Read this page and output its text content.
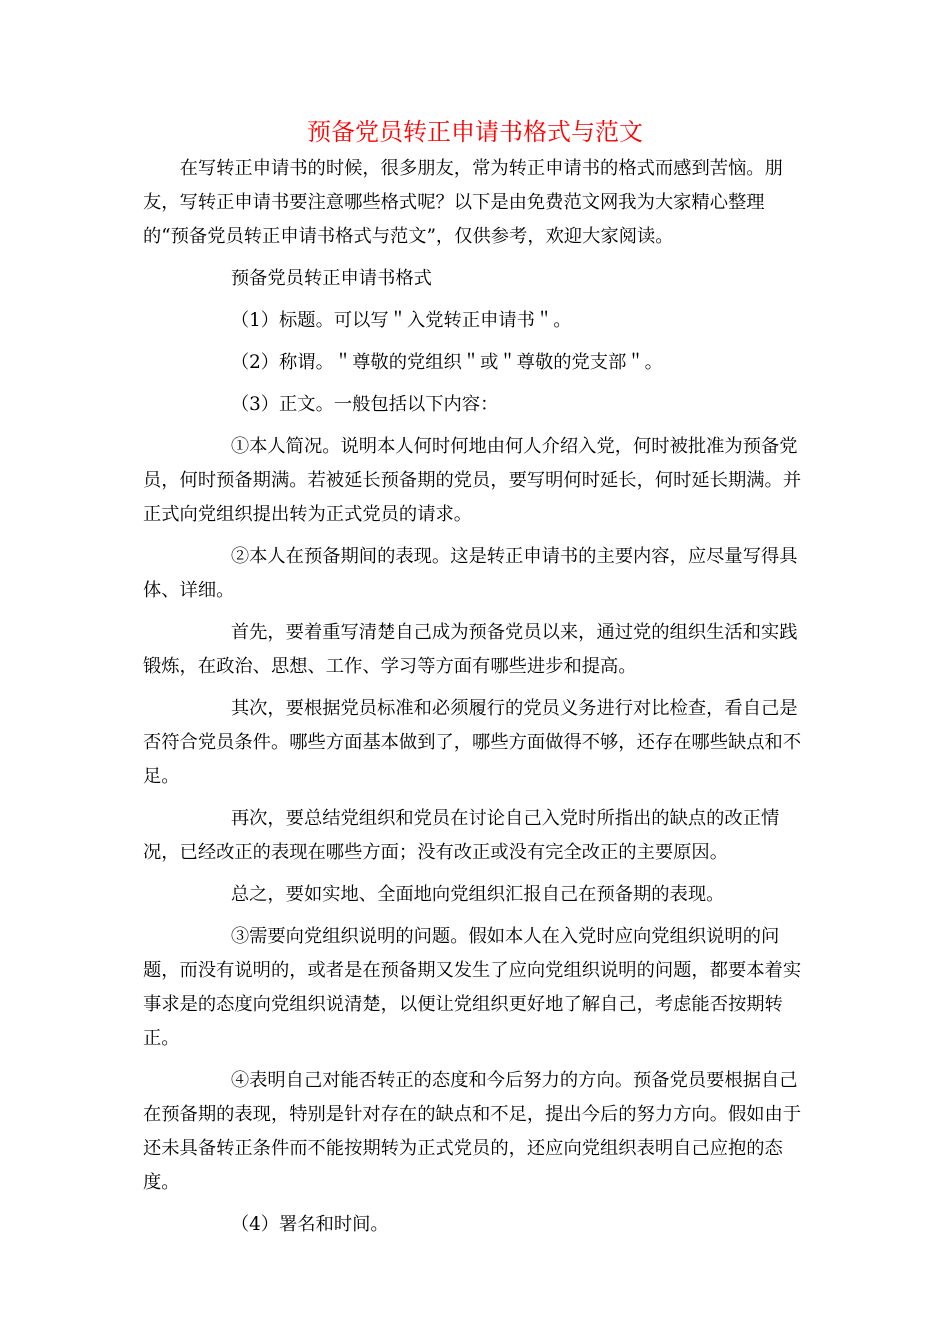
预备党员转正申请书格式与范文

在写转正申请书的时候，很多朋友，常为转正申请书的格式而感到苦恼。朋友，写转正申请书要注意哪些格式呢？以下是由免费范文网我为大家精心整理的“预备党员转正申请书格式与范文”，仅供参考，欢迎大家阅读。

预备党员转正申请书格式

（1）标题。可以写＂入党转正申请书＂。

（2）称谓。＂尊敬的党组织＂或＂尊敬的党支部＂。

（3）正文。一般包括以下内容：

①本人简况。说明本人何时何地由何人介绍入党，何时被批准为预备党员，何时预备期满。若被延长预备期的党员，要写明何时延长，何时延长期满。并正式向党组织提出转为正式党员的请求。

②本人在预备期间的表现。这是转正申请书的主要内容，应尽量写得具体、详细。

首先，要着重写清楚自己成为预备党员以来，通过党的组织生活和实践锻炼，在政治、思想、工作、学习等方面有哪些进步和提高。

其次，要根据党员标准和必须履行的党员义务进行对比检查，看自己是否符合党员条件。哪些方面基本做到了，哪些方面做得不够，还存在哪些缺点和不足。

再次，要总结党组织和党员在讨论自己入党时所指出的缺点的改正情况，已经改正的表现在哪些方面；没有改正或没有完全改正的主要原因。

总之，要如实地、全面地向党组织汇报自己在预备期的表现。

③需要向党组织说明的问题。假如本人在入党时应向党组织说明的问题，而没有说明的，或者是在预备期又发生了应向党组织说明的问题，都要本着实事求是的态度向党组织说清楚，以便让党组织更好地了解自己，考虑能否按期转正。

④表明自己对能否转正的态度和今后努力的方向。预备党员要根据自己在预备期的表现，特别是针对存在的缺点和不足，提出今后的努力方向。假如由于还未具备转正条件而不能按期转为正式党员的，还应向党组织表明自己应抱的态度。

（4）署名和时间。
